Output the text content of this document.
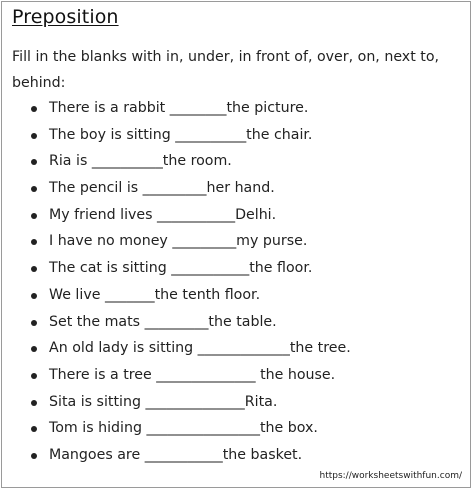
Preposition
Fill in the blanks with in, under, in front of, over, on, next to, behind:
There is a rabbit ________the picture.
The boy is sitting __________the chair.
Ria is __________the room.
The pencil is _________her hand.
My friend lives ___________Delhi.
I have no money _________my purse.
The cat is sitting ___________the floor.
We live _______the tenth floor.
Set the mats _________the table.
An old lady is sitting _____________the tree.
There is a tree ______________ the house.
Sita is sitting ______________Rita.
Tom is hiding ________________the box.
Mangoes are ___________the basket.
https://worksheetswithfun.com/
